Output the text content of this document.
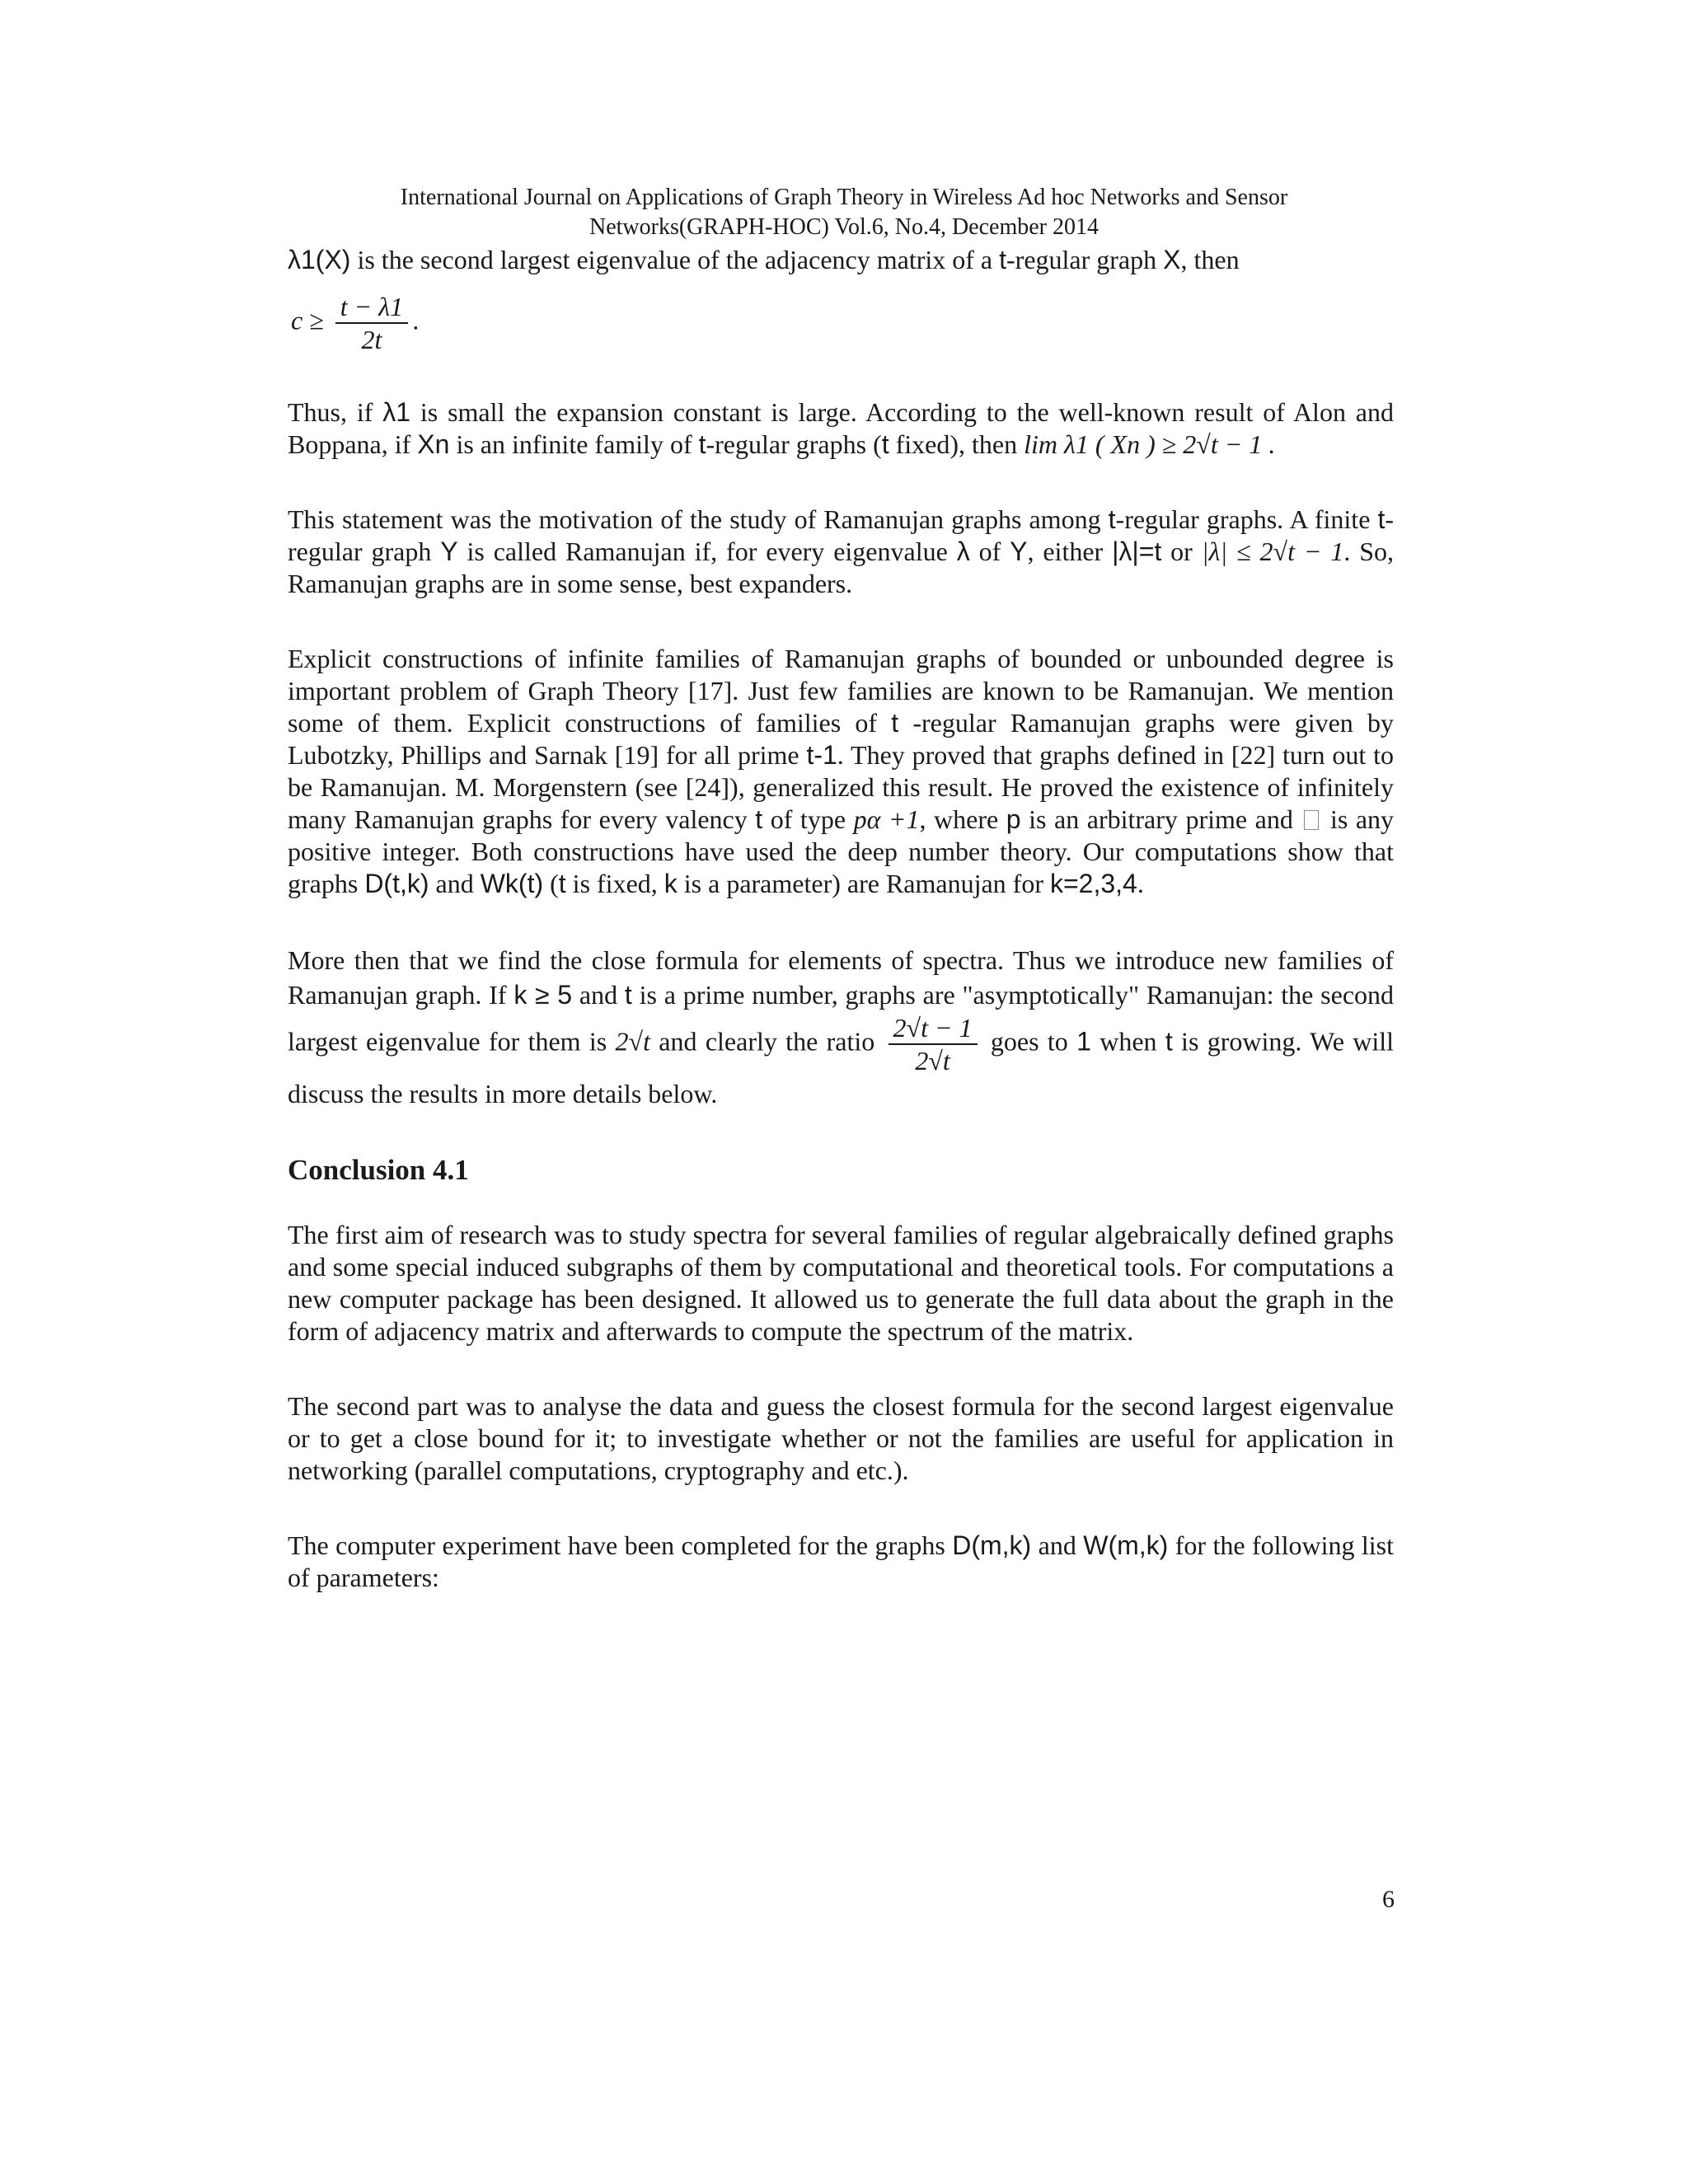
International Journal on Applications of Graph Theory in Wireless Ad hoc Networks and Sensor
Networks(GRAPH-HOC) Vol.6, No.4, December 2014

λ1(X) is the second largest eigenvalue of the adjacency matrix of a t-regular graph X, then

$c \ge \frac{t - \lambda 1}{2t}$ .

Thus, if λ1 is small the expansion constant is large. According to the well-known result of Alon and Boppana, if Xn is an infinite family of t-regular graphs (t fixed), then lim λ1 ( Xn ) ≥ 2√t − 1 .

This statement was the motivation of the study of Ramanujan graphs among t-regular graphs. A finite t-regular graph Y is called Ramanujan if, for every eigenvalue λ of Y, either |λ|=t or |λ| ≤ 2√t − 1. So, Ramanujan graphs are in some sense, best expanders.

Explicit constructions of infinite families of Ramanujan graphs of bounded or unbounded degree is important problem of Graph Theory [17]. Just few families are known to be Ramanujan. We mention some of them. Explicit constructions of families of t -regular Ramanujan graphs were given by Lubotzky, Phillips and Sarnak [19] for all prime t-1. They proved that graphs defined in [22] turn out to be Ramanujan. M. Morgenstern (see [24]), generalized this result. He proved the existence of infinitely many Ramanujan graphs for every valency t of type pα +1, where p is an arbitrary prime and  is any positive integer. Both constructions have used the deep number theory. Our computations show that graphs D(t,k) and Wk(t) (t is fixed, k is a parameter) are Ramanujan for k=2,3,4.

More then that we find the close formula for elements of spectra. Thus we introduce new families of Ramanujan graph. If k ≥ 5 and t is a prime number, graphs are "asymptotically" Ramanujan: the second largest eigenvalue for them is 2√t and clearly the ratio $\frac{2√t - 1}{2√t}$ goes to 1 when t is growing. We will discuss the results in more details below.

Conclusion 4.1

The first aim of research was to study spectra for several families of regular algebraically defined graphs and some special induced subgraphs of them by computational and theoretical tools. For computations a new computer package has been designed. It allowed us to generate the full data about the graph in the form of adjacency matrix and afterwards to compute the spectrum of the matrix.

The second part was to analyse the data and guess the closest formula for the second largest eigenvalue or to get a close bound for it; to investigate whether or not the families are useful for application in networking (parallel computations, cryptography and etc.).

The computer experiment have been completed for the graphs D(m,k) and W(m,k) for the following list of parameters:

6
